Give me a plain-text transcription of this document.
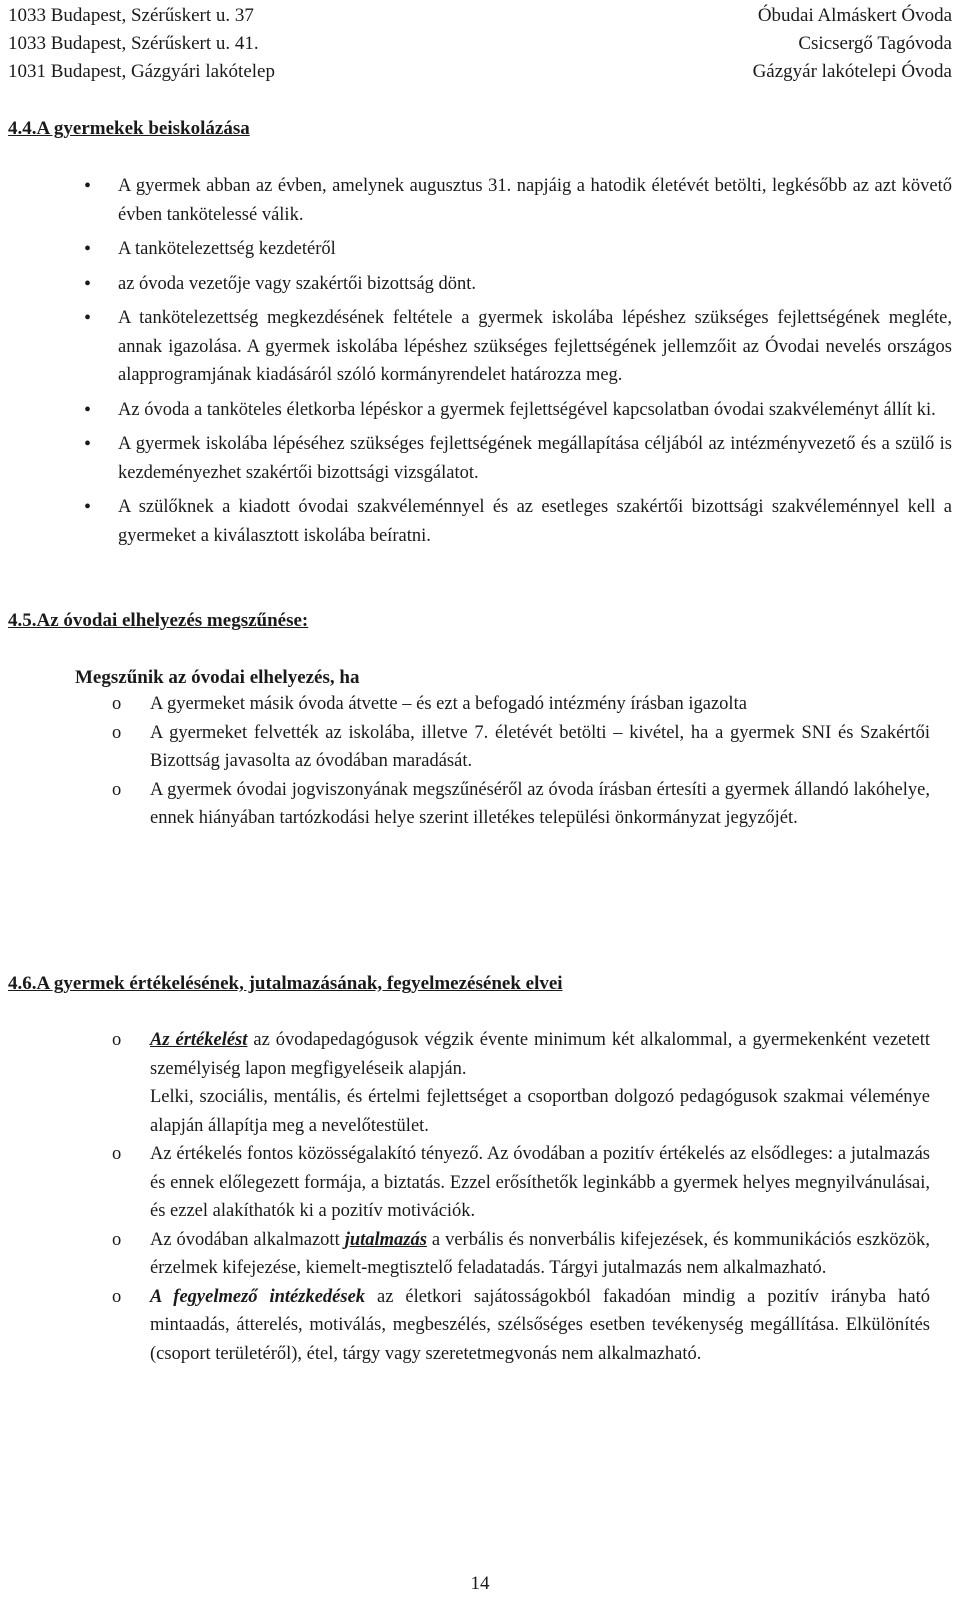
1033 Budapest, Szérűskert u. 37	Óbudai Almáskert Óvoda
1033 Budapest, Szérűskert u. 41.	Csicsergő Tagóvoda
1031 Budapest, Gázgyári lakótelep	Gázgyár lakótelepi Óvoda
4.4.A gyermekek beiskolázása
• A gyermek abban az évben, amelynek augusztus 31. napjáig a hatodik életévét betölti, legkésőbb az azt követő évben tankötelessé válik.
• A tankötelezettség kezdetéről
• az óvoda vezetője vagy szakértői bizottság dönt.
• A tankötelezettség megkezdésének feltétele a gyermek iskolába lépéshez szükséges fejlettségének megléte, annak igazolása. A gyermek iskolába lépéshez szükséges fejlettségének jellemzőit az Óvodai nevelés országos alapprogramjának kiadásáról szóló kormányrendelet határozza meg.
• Az óvoda a tanköteles életkorba lépéskor a gyermek fejlettségével kapcsolatban óvodai szakvéleményt állít ki.
• A gyermek iskolába lépéséhez szükséges fejlettségének megállapítása céljából az intézményvezető és a szülő is kezdeményezhet szakértői bizottsági vizsgálatot.
• A szülőknek a kiadott óvodai szakvéleménnyel és az esetleges szakértői bizottsági szakvéleménnyel kell a gyermeket a kiválasztott iskolába beíratni.
4.5.Az óvodai elhelyezés megszűnése:
Megszűnik az óvodai elhelyezés, ha
o A gyermeket másik óvoda átvette – és ezt a befogadó intézmény írásban igazolta
o A gyermeket felvették az iskolába, illetve 7. életévét betölti – kivétel, ha a gyermek SNI és Szakértői Bizottság javasolta az óvodában maradását.
o A gyermek óvodai jogviszonyának megszűnéséről az óvoda írásban értesíti a gyermek állandó lakóhelye, ennek hiányában tartózkodási helye szerint illetékes települési önkormányzat jegyzőjét.
4.6.A gyermek értékelésének, jutalmazásának, fegyelmezésének elvei
o Az értékelést az óvodapedagógusok végzik évente minimum két alkalommal, a gyermekenként vezetett személyiség lapon megfigyeléseik alapján.
Lelki, szociális, mentális, és értelmi fejlettséget a csoportban dolgozó pedagógusok szakmai véleménye alapján állapítja meg a nevelőtestület.
o Az értékelés fontos közösségalakító tényező. Az óvodában a pozitív értékelés az elsődleges: a jutalmazás és ennek előlegezett formája, a biztatás. Ezzel erősíthetők leginkább a gyermek helyes megnyilvánulásai, és ezzel alakíthatók ki a pozitív motivációk.
o Az óvodában alkalmazott jutalmazás a verbális és nonverbális kifejezések, és kommunikációs eszközök, érzelmek kifejezése, kiemelt-megtisztelő feladatadás. Tárgyi jutalmazás nem alkalmazható.
o A fegyelmező intézkedések az életkori sajátosságokból fakadóan mindig a pozitív irányba ható mintaadás, átterelés, motiválás, megbeszélés, szélsőséges esetben tevékenység megállítása. Elkülönítés (csoport területéről), étel, tárgy vagy szeretetmegvonás nem alkalmazható.
14
